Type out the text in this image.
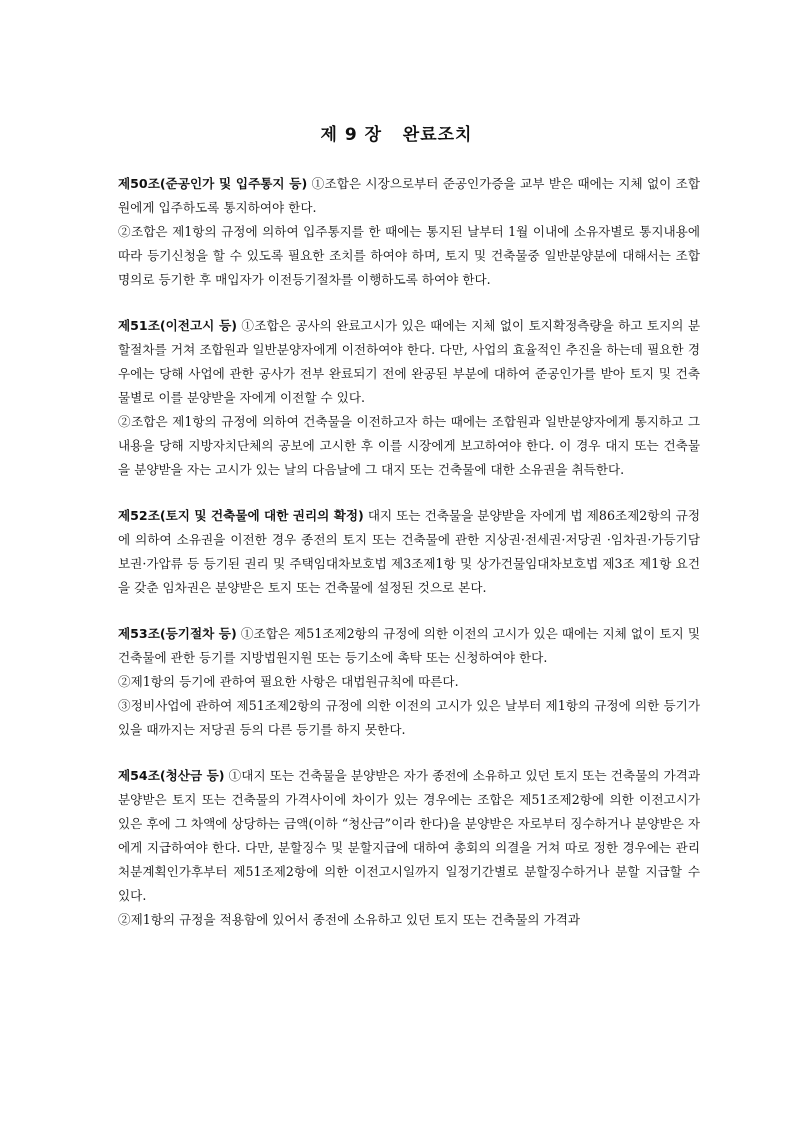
제 9 장   완료조치

제50조(준공인가 및 입주통지 등) ①조합은 시장으로부터 준공인가증을 교부 받은 때에는 지체 없이 조합원에게 입주하도록 통지하여야 한다.

②조합은 제1항의 규정에 의하여 입주통지를 한 때에는 통지된 날부터 1월 이내에 소유자별로 통지내용에 따라 등기신청을 할 수 있도록 필요한 조치를 하여야 하며, 토지 및 건축물중 일반분양분에 대해서는 조합명의로 등기한 후 매입자가 이전등기절차를 이행하도록 하여야 한다.

제51조(이전고시 등) ①조합은 공사의 완료고시가 있은 때에는 지체 없이 토지확정측량을 하고 토지의 분할절차를 거쳐 조합원과 일반분양자에게 이전하여야 한다. 다만, 사업의 효율적인 추진을 하는데 필요한 경우에는 당해 사업에 관한 공사가 전부 완료되기 전에 완공된 부분에 대하여 준공인가를 받아 토지 및 건축물별로 이를 분양받을 자에게 이전할 수 있다.

②조합은 제1항의 규정에 의하여 건축물을 이전하고자 하는 때에는 조합원과 일반분양자에게 통지하고 그 내용을 당해 지방자치단체의 공보에 고시한 후 이를 시장에게 보고하여야 한다. 이 경우 대지 또는 건축물을 분양받을 자는 고시가 있는 날의 다음날에 그 대지 또는 건축물에 대한 소유권을 취득한다.

제52조(토지 및 건축물에 대한 권리의 확정) 대지 또는 건축물을 분양받을 자에게 법 제86조제2항의 규정에 의하여 소유권을 이전한 경우 종전의 토지 또는 건축물에 관한 지상권·전세권·저당권 ·임차권·가등기담보권·가압류 등 등기된 권리 및 주택임대차보호법 제3조제1항 및 상가건물임대차보호법 제3조 제1항 요건을 갖춘 임차권은 분양받은 토지 또는 건축물에 설정된 것으로 본다.

제53조(등기절차 등) ①조합은 제51조제2항의 규정에 의한 이전의 고시가 있은 때에는 지체 없이 토지 및 건축물에 관한 등기를 지방법원지원 또는 등기소에 촉탁 또는 신청하여야 한다.

②제1항의 등기에 관하여 필요한 사항은 대법원규칙에 따른다.

③정비사업에 관하여 제51조제2항의 규정에 의한 이전의 고시가 있은 날부터 제1항의 규정에 의한 등기가 있을 때까지는 저당권 등의 다른 등기를 하지 못한다.

제54조(청산금 등) ①대지 또는 건축물을 분양받은 자가 종전에 소유하고 있던 토지 또는 건축물의 가격과 분양받은 토지 또는 건축물의 가격사이에 차이가 있는 경우에는 조합은 제51조제2항에 의한 이전고시가 있은 후에 그 차액에 상당하는 금액(이하 “청산금”이라 한다)을 분양받은 자로부터 징수하거나 분양받은 자에게 지급하여야 한다. 다만, 분할징수 및 분할지급에 대하여 총회의 의결을 거쳐 따로 정한 경우에는 관리처분계획인가후부터 제51조제2항에 의한 이전고시일까지 일정기간별로 분할징수하거나 분할 지급할 수 있다.

②제1항의 규정을 적용함에 있어서 종전에 소유하고 있던 토지 또는 건축물의 가격과
